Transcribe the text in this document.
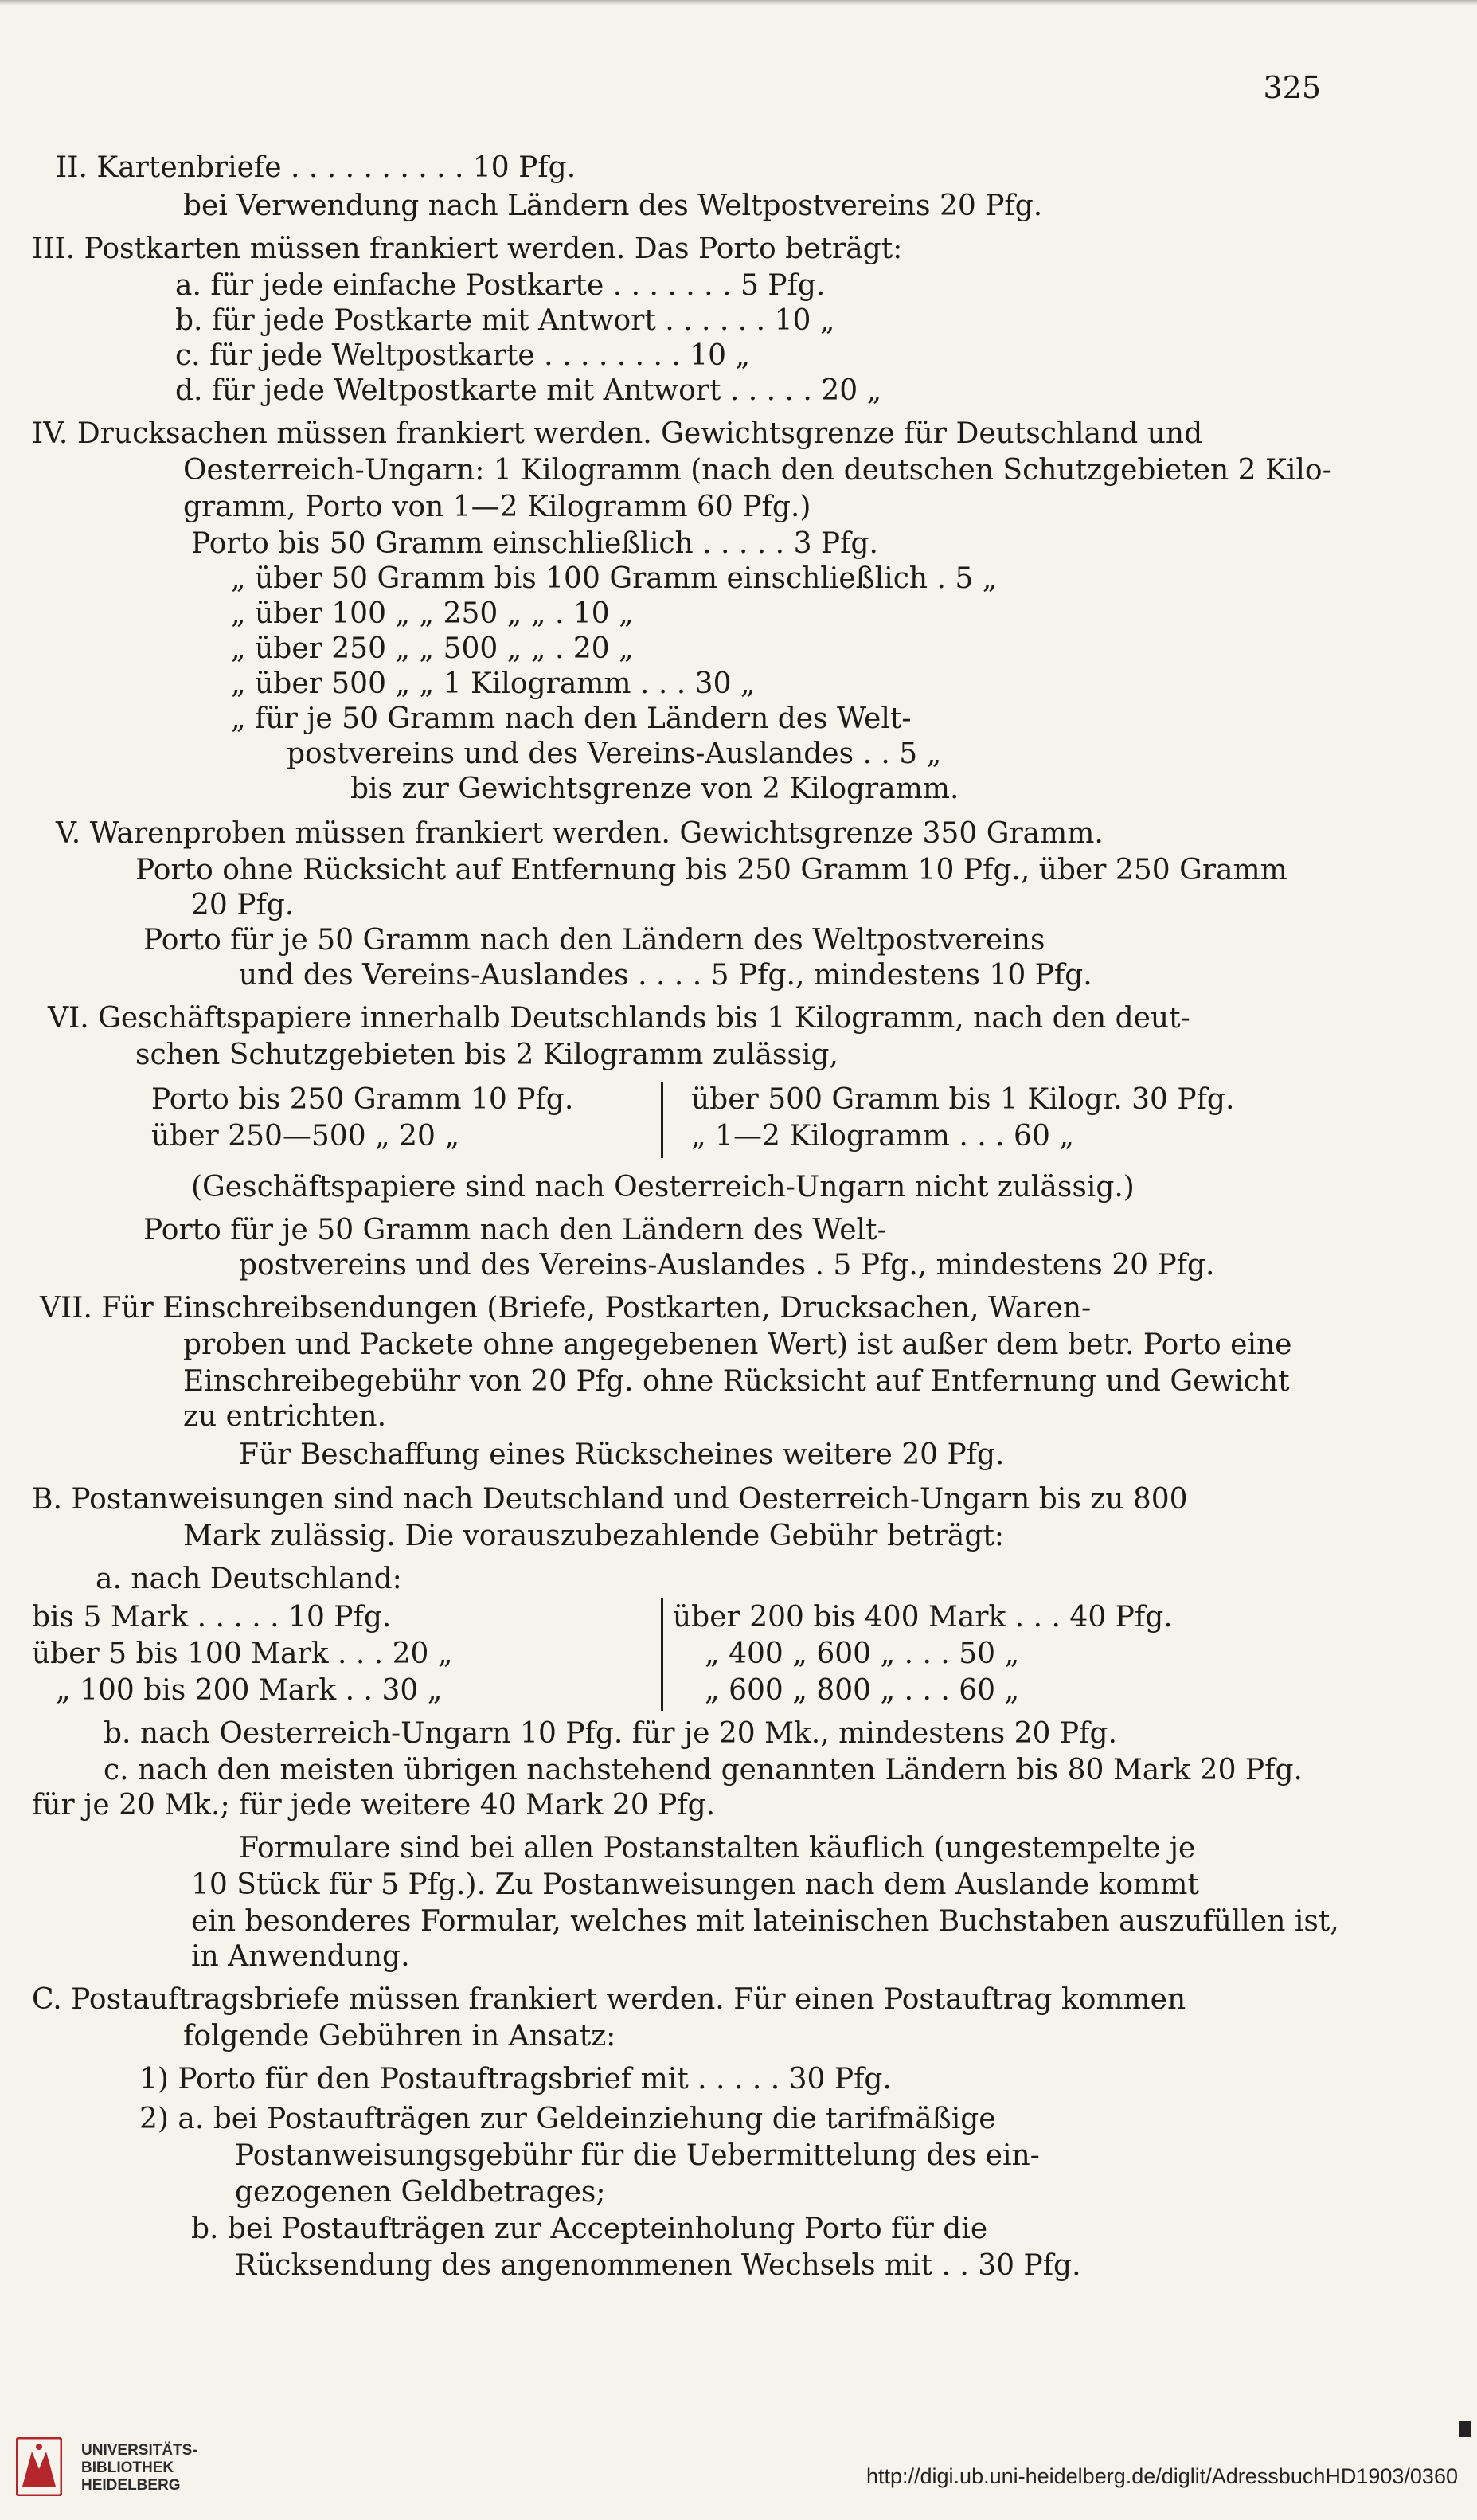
325
II. Kartenbriefe . . . . . . . . . . 10 Pfg.
bei Verwendung nach Ländern des Weltpostvereins 20 Pfg.
III. Postkarten müssen frankiert werden. Das Porto beträgt:
a. für jede einfache Postkarte . . . . . . . 5 Pfg.
b. für jede Postkarte mit Antwort . . . . . . 10 „
c. für jede Weltpostkarte . . . . . . . . 10 „
d. für jede Weltpostkarte mit Antwort . . . . . 20 „
IV. Drucksachen müssen frankiert werden. Gewichtsgrenze für Deutschland und
Oesterreich-Ungarn: 1 Kilogramm (nach den deutschen Schutzgebieten 2 Kilo-
gramm, Porto von 1—2 Kilogramm 60 Pfg.)
Porto bis 50 Gramm einschließlich . . . . . 3 Pfg.
„ über 50 Gramm bis 100 Gramm einschließlich . 5 „
„ über 100 „ „ 250 „ „ . 10 „
„ über 250 „ „ 500 „ „ . 20 „
„ über 500 „ „ 1 Kilogramm . . . 30 „
„ für je 50 Gramm nach den Ländern des Welt-
postvereins und des Vereins-Auslandes . . 5 „
bis zur Gewichtsgrenze von 2 Kilogramm.
V. Warenproben müssen frankiert werden. Gewichtsgrenze 350 Gramm.
Porto ohne Rücksicht auf Entfernung bis 250 Gramm 10 Pfg., über 250 Gramm
20 Pfg.
Porto für je 50 Gramm nach den Ländern des Weltpostvereins
und des Vereins-Auslandes . . . . 5 Pfg., mindestens 10 Pfg.
VI. Geschäftspapiere innerhalb Deutschlands bis 1 Kilogramm, nach den deut-
schen Schutzgebieten bis 2 Kilogramm zulässig,
Porto bis 250 Gramm 10 Pfg.
über 250—500 „ 20 „
über 500 Gramm bis 1 Kilogr. 30 Pfg.
„ 1—2 Kilogramm . . . 60 „
(Geschäftspapiere sind nach Oesterreich-Ungarn nicht zulässig.)
Porto für je 50 Gramm nach den Ländern des Welt-
postvereins und des Vereins-Auslandes . 5 Pfg., mindestens 20 Pfg.
VII. Für Einschreibsendungen (Briefe, Postkarten, Drucksachen, Waren-
proben und Packete ohne angegebenen Wert) ist außer dem betr. Porto eine
Einschreibegebühr von 20 Pfg. ohne Rücksicht auf Entfernung und Gewicht
zu entrichten.
Für Beschaffung eines Rückscheines weitere 20 Pfg.
B. Postanweisungen sind nach Deutschland und Oesterreich-Ungarn bis zu 800
Mark zulässig. Die vorauszubezahlende Gebühr beträgt:
a. nach Deutschland:
bis 5 Mark . . . . . 10 Pfg.
über 5 bis 100 Mark . . . 20 „
„ 100 bis 200 Mark . . 30 „
über 200 bis 400 Mark . . . 40 Pfg.
„ 400 „ 600 „ . . . 50 „
„ 600 „ 800 „ . . . 60 „
b. nach Oesterreich-Ungarn 10 Pfg. für je 20 Mk., mindestens 20 Pfg.
c. nach den meisten übrigen nachstehend genannten Ländern bis 80 Mark 20 Pfg.
für je 20 Mk.; für jede weitere 40 Mark 20 Pfg.
Formulare sind bei allen Postanstalten käuflich (ungestempelte je
10 Stück für 5 Pfg.). Zu Postanweisungen nach dem Auslande kommt
ein besonderes Formular, welches mit lateinischen Buchstaben auszufüllen ist,
in Anwendung.
C. Postauftragsbriefe müssen frankiert werden. Für einen Postauftrag kommen
folgende Gebühren in Ansatz:
1) Porto für den Postauftragsbrief mit . . . . . 30 Pfg.
2) a. bei Postaufträgen zur Geldeinziehung die tarifmäßige
Postanweisungsgebühr für die Uebermittelung des ein-
gezogenen Geldbetrages;
b. bei Postaufträgen zur Accepteinholung Porto für die
Rücksendung des angenommenen Wechsels mit . . 30 Pfg.
UNIVERSITÄTS-
BIBLIOTHEK
HEIDELBERG	http://digi.ub.uni-heidelberg.de/diglit/AdressbuchHD1903/0360
